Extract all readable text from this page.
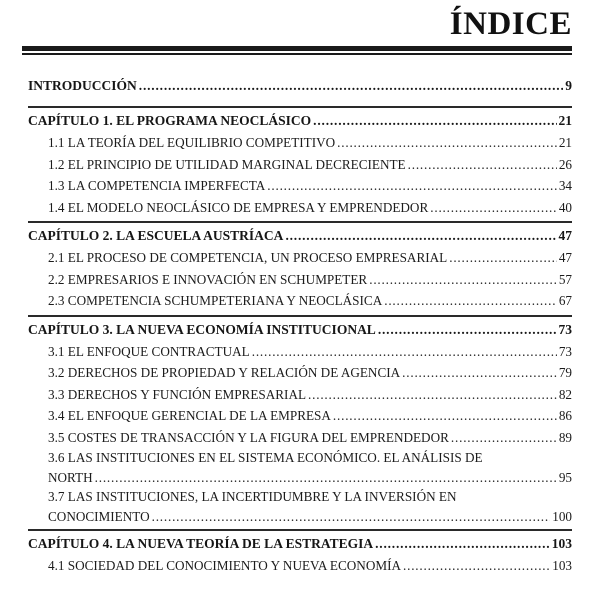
ÍNDICE
INTRODUCCIÓN .....	9
CAPÍTULO 1. EL PROGRAMA NEOCLÁSICO .....	21
1.1 LA TEORÍA DEL EQUILIBRIO COMPETITIVO .....	21
1.2 EL PRINCIPIO DE UTILIDAD MARGINAL DECRECIENTE .....	26
1.3 LA COMPETENCIA IMPERFECTA .....	34
1.4 EL MODELO NEOCLÁSICO DE EMPRESA Y EMPRENDEDOR .....	40
CAPÍTULO 2. LA ESCUELA AUSTRÍACA .....	47
2.1 EL PROCESO DE COMPETENCIA, UN PROCESO EMPRESARIAL .....	47
2.2 EMPRESARIOS E INNOVACIÓN EN SCHUMPETER .....	57
2.3 COMPETENCIA SCHUMPETERIANA Y NEOCLÁSICA .....	67
CAPÍTULO 3. LA NUEVA ECONOMÍA INSTITUCIONAL .....	73
3.1 EL ENFOQUE CONTRACTUAL .....	73
3.2 DERECHOS DE PROPIEDAD Y RELACIÓN DE AGENCIA .....	79
3.3 DERECHOS Y FUNCIÓN EMPRESARIAL .....	82
3.4 EL ENFOQUE GERENCIAL DE LA EMPRESA .....	86
3.5 COSTES DE TRANSACCIÓN Y LA FIGURA DEL EMPRENDEDOR .....	89
3.6 LAS INSTITUCIONES EN EL SISTEMA ECONÓMICO. EL ANÁLISIS DE
NORTH .....	95
3.7 LAS INSTITUCIONES, LA INCERTIDUMBRE Y LA INVERSIÓN EN
CONOCIMIENTO .....	100
CAPÍTULO 4. LA NUEVA TEORÍA DE LA ESTRATEGIA .....	103
4.1 SOCIEDAD DEL CONOCIMIENTO Y NUEVA ECONOMÍA .....	103
